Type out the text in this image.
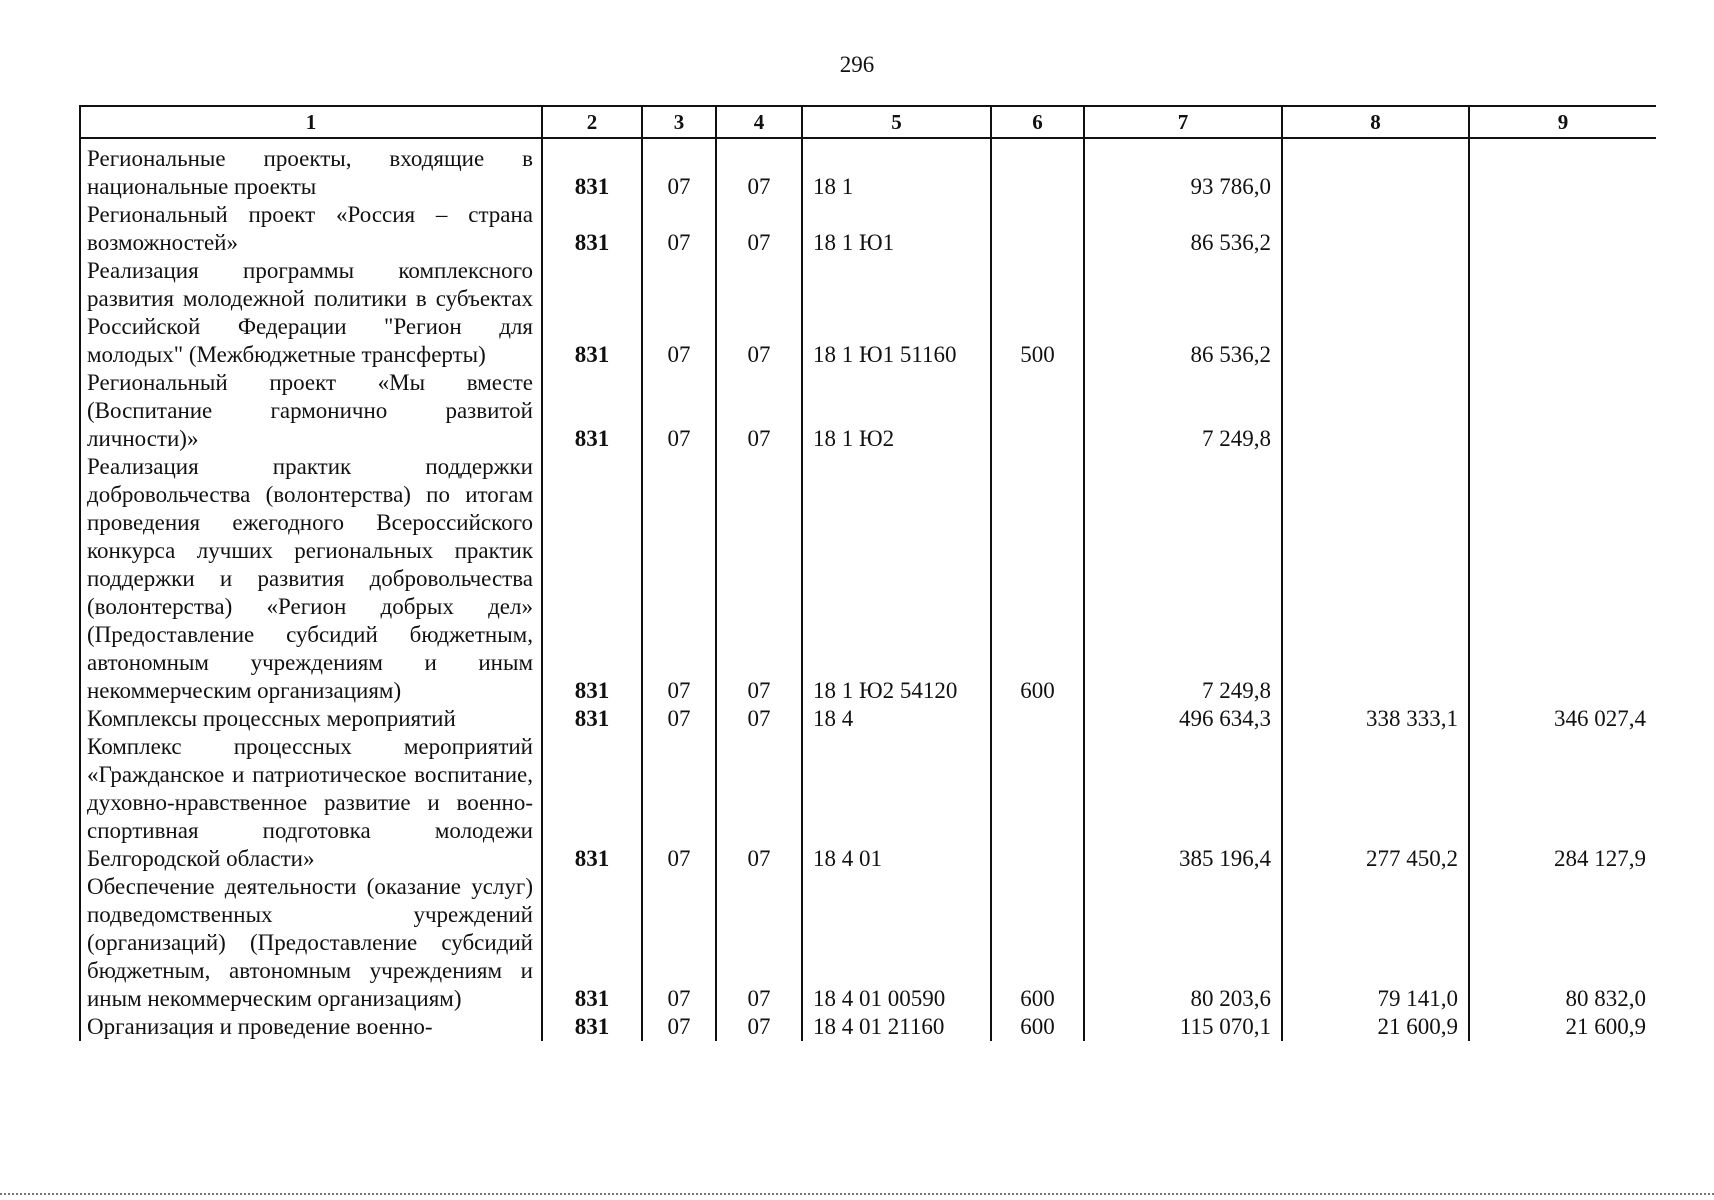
296
1	2	3	4	5	6	7	8	9
Региональные проекты, входящие в национальные проекты	831	07	07	18 1		93 786,0		
Региональный проект «Россия – страна возможностей»	831	07	07	18 1 Ю1		86 536,2		
Реализация программы комплексного развития молодежной политики в субъектах Российской Федерации "Регион для молодых" (Межбюджетные трансферты)	831	07	07	18 1 Ю1 51160	500	86 536,2		
Региональный проект «Мы вместе (Воспитание гармонично развитой личности)»	831	07	07	18 1 Ю2		7 249,8		
Реализация практик поддержки добровольчества (волонтерства) по итогам проведения ежегодного Всероссийского конкурса лучших региональных практик поддержки и развития добровольчества (волонтерства) «Регион добрых дел» (Предоставление субсидий бюджетным, автономным учреждениям и иным некоммерческим организациям)	831	07	07	18 1 Ю2 54120	600	7 249,8		
Комплексы процессных мероприятий	831	07	07	18 4		496 634,3	338 333,1	346 027,4
Комплекс процессных мероприятий «Гражданское и патриотическое воспитание, духовно-нравственное развитие и военно-спортивная подготовка молодежи Белгородской области»	831	07	07	18 4 01		385 196,4	277 450,2	284 127,9
Обеспечение деятельности (оказание услуг) подведомственных учреждений (организаций) (Предоставление субсидий бюджетным, автономным учреждениям и иным некоммерческим организациям)	831	07	07	18 4 01 00590	600	80 203,6	79 141,0	80 832,0
Организация и проведение военно-	831	07	07	18 4 01 21160	600	115 070,1	21 600,9	21 600,9
